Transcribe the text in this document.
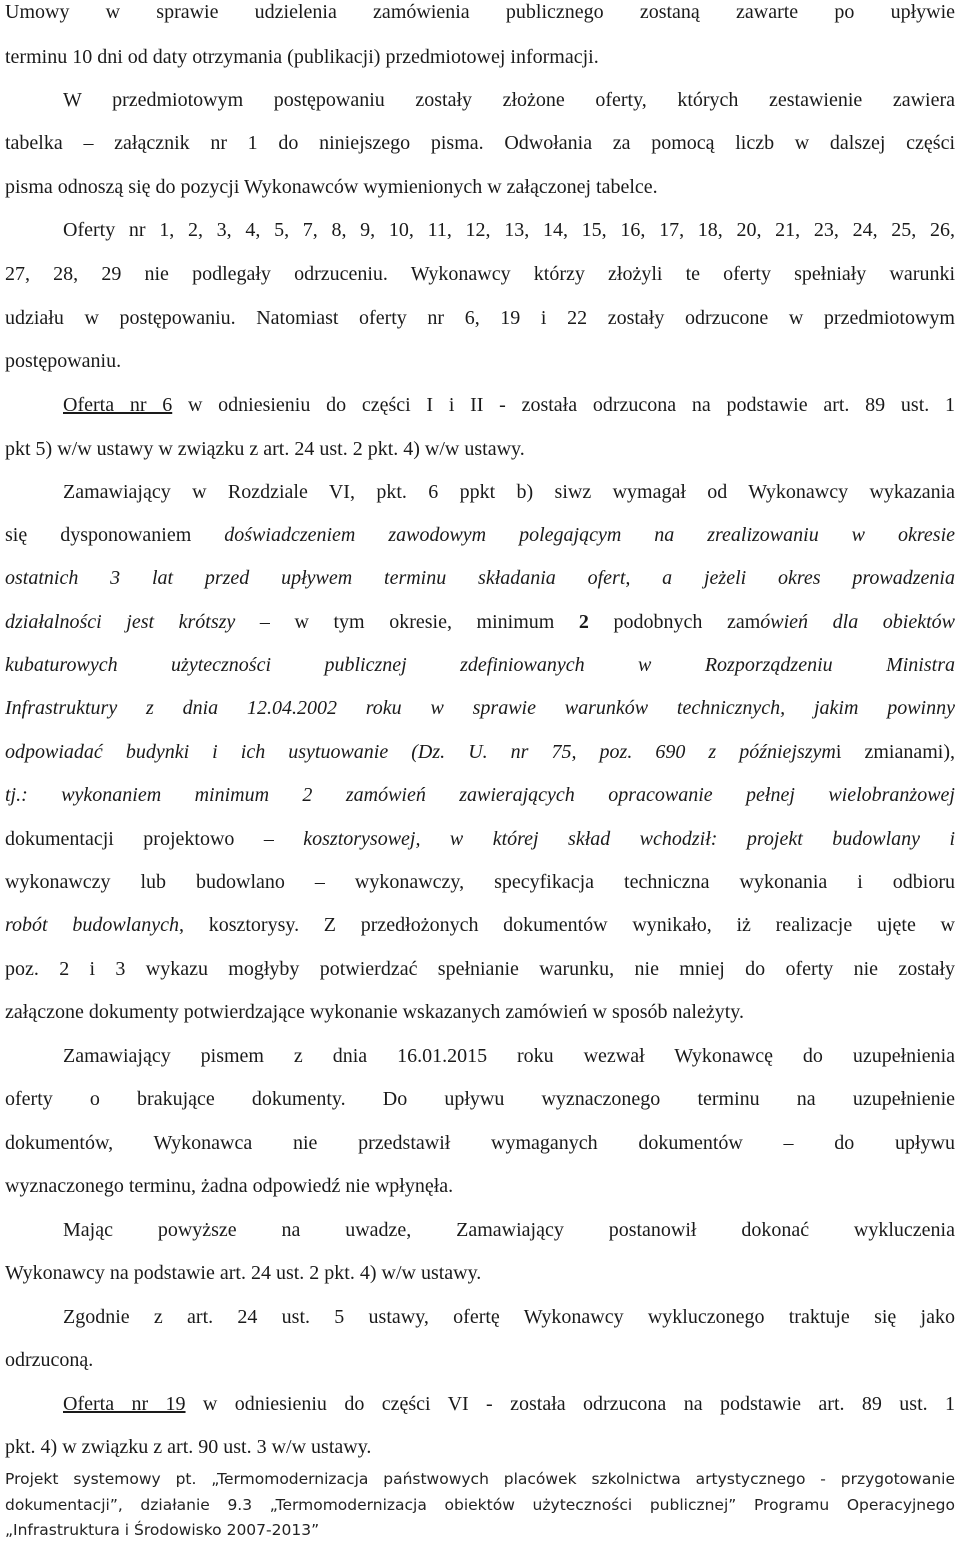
Umowy w sprawie udzielenia zamówienia publicznego zostaną zawarte po upływie
terminu 10 dni od daty otrzymania (publikacji) przedmiotowej informacji.
W przedmiotowym postępowaniu zostały złożone oferty, których zestawienie zawiera
tabelka – załącznik nr 1 do niniejszego pisma. Odwołania za pomocą liczb w dalszej części
pisma odnoszą się do pozycji Wykonawców wymienionych w załączonej tabelce.
Oferty nr 1, 2, 3, 4, 5, 7, 8, 9, 10, 11, 12, 13, 14, 15, 16, 17, 18, 20, 21, 23, 24, 25, 26,
27, 28, 29 nie podlegały odrzuceniu. Wykonawcy którzy złożyli te oferty spełniały warunki
udziału w postępowaniu. Natomiast oferty nr 6, 19 i 22 zostały odrzucone w przedmiotowym
postępowaniu.
Oferta nr 6 w odniesieniu do części I i II - została odrzucona na podstawie art. 89 ust. 1
pkt 5) w/w ustawy w związku z art. 24 ust. 2 pkt. 4) w/w ustawy.
Zamawiający w Rozdziale VI, pkt. 6 ppkt b) siwz wymagał od Wykonawcy wykazania
się dysponowaniem doświadczeniem zawodowym polegającym na zrealizowaniu w okresie
ostatnich 3 lat przed upływem terminu składania ofert, a jeżeli okres prowadzenia
działalności jest krótszy – w tym okresie, minimum 2 podobnych zamówień dla obiektów
kubaturowych użyteczności publicznej zdefiniowanych w Rozporządzeniu Ministra
Infrastruktury z dnia 12.04.2002 roku w sprawie warunków technicznych, jakim powinny
odpowiadać budynki i ich usytuowanie (Dz. U. nr 75, poz. 690 z późniejszymi zmianami),
tj.: wykonaniem minimum 2 zamówień zawierających opracowanie pełnej wielobranżowej
dokumentacji projektowo – kosztorysowej, w której skład wchodził: projekt budowlany i
wykonawczy lub budowlano – wykonawczy, specyfikacja techniczna wykonania i odbioru
robót budowlanych, kosztorysy. Z przedłożonych dokumentów wynikało, iż realizacje ujęte w
poz. 2 i 3 wykazu mogłyby potwierdzać spełnianie warunku, nie mniej do oferty nie zostały
załączone dokumenty potwierdzające wykonanie wskazanych zamówień w sposób należyty.
Zamawiający pismem z dnia 16.01.2015 roku wezwał Wykonawcę do uzupełnienia
oferty o brakujące dokumenty. Do upływu wyznaczonego terminu na uzupełnienie
dokumentów, Wykonawca nie przedstawił wymaganych dokumentów – do upływu
wyznaczonego terminu, żadna odpowiedź nie wpłynęła.
Mając powyższe na uwadze, Zamawiający postanowił dokonać wykluczenia
Wykonawcy na podstawie art. 24 ust. 2 pkt. 4) w/w ustawy.
Zgodnie z art. 24 ust. 5 ustawy, ofertę Wykonawcy wykluczonego traktuje się jako
odrzuconą.
Oferta nr 19 w odniesieniu do części VI - została odrzucona na podstawie art. 89 ust. 1
pkt. 4) w związku z art. 90 ust. 3 w/w ustawy.
Projekt systemowy pt. „Termomodernizacja państwowych placówek szkolnictwa artystycznego - przygotowanie
dokumentacji”, działanie 9.3 „Termomodernizacja obiektów użyteczności publicznej” Programu Operacyjnego
„Infrastruktura i Środowisko 2007-2013”
